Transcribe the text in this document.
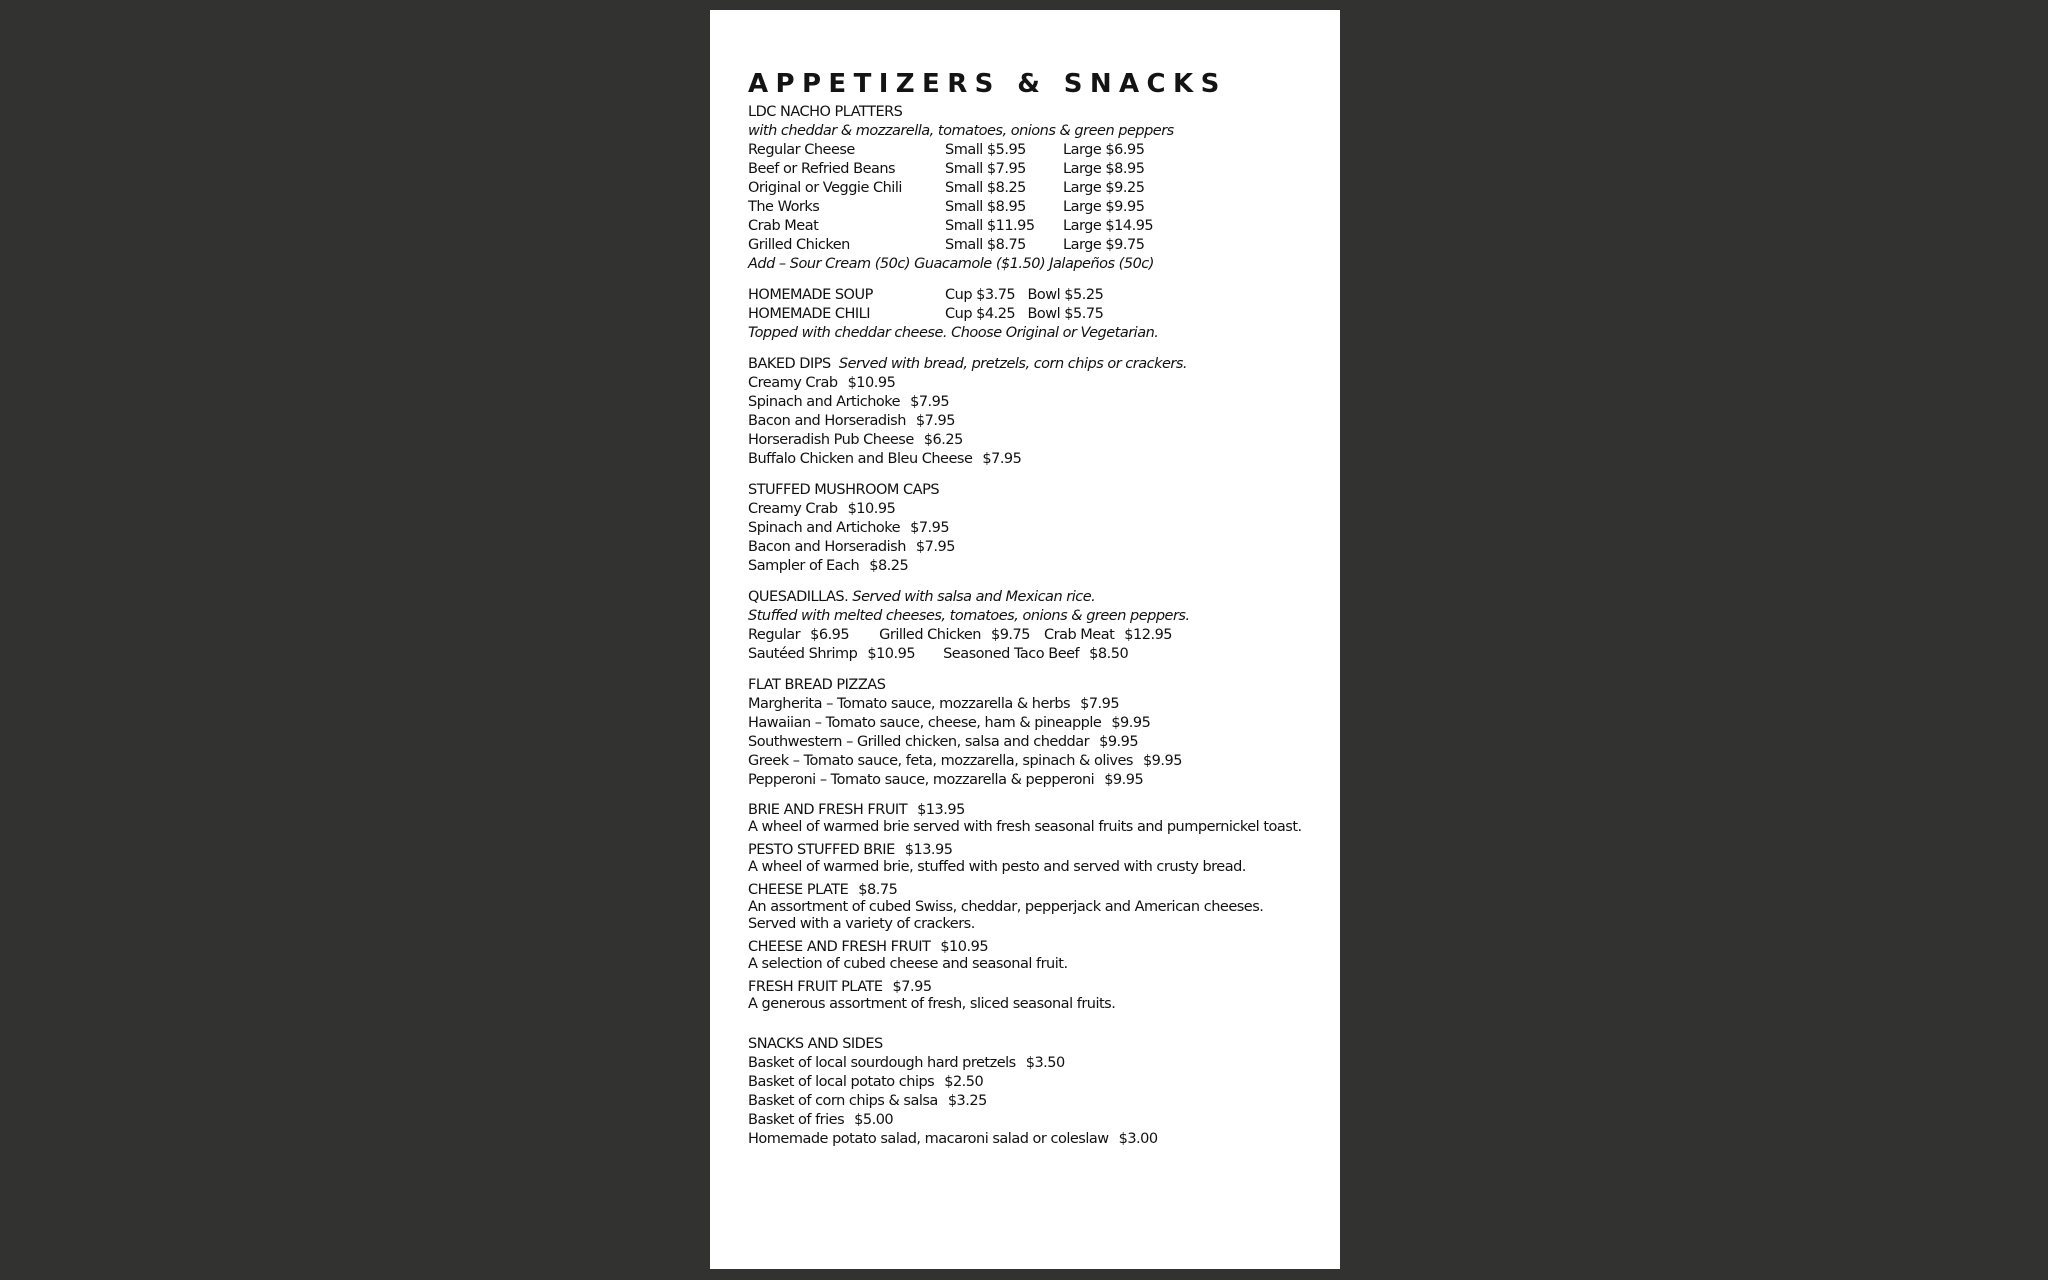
APPETIZERS & SNACKS
LDC NACHO PLATTERS
with cheddar & mozzarella, tomatoes, onions & green peppers
Regular Cheese	Small $5.95	Large $6.95
Beef or Refried Beans	Small $7.95	Large $8.95
Original or Veggie Chili	Small $8.25	Large $9.25
The Works	Small $8.95	Large $9.95
Crab Meat	Small $11.95	Large $14.95
Grilled Chicken	Small $8.75	Large $9.75
Add – Sour Cream (50c) Guacamole ($1.50) Jalapeños (50c)
HOMEMADE SOUP	Cup $3.75   Bowl $5.25
HOMEMADE CHILI	Cup $4.25   Bowl $5.75
Topped with cheddar cheese. Choose Original or Vegetarian.
BAKED DIPS Served with bread, pretzels, corn chips or crackers.
Creamy Crab $10.95
Spinach and Artichoke $7.95
Bacon and Horseradish $7.95
Horseradish Pub Cheese $6.25
Buffalo Chicken and Bleu Cheese $7.95
STUFFED MUSHROOM CAPS
Creamy Crab $10.95
Spinach and Artichoke $7.95
Bacon and Horseradish $7.95
Sampler of Each $8.25
QUESADILLAS. Served with salsa and Mexican rice.
Stuffed with melted cheeses, tomatoes, onions & green peppers.
Regular $6.95 Grilled Chicken $9.75 Crab Meat $12.95
Sautéed Shrimp $10.95 Seasoned Taco Beef $8.50
FLAT BREAD PIZZAS
Margherita – Tomato sauce, mozzarella & herbs $7.95
Hawaiian – Tomato sauce, cheese, ham & pineapple $9.95
Southwestern – Grilled chicken, salsa and cheddar $9.95
Greek – Tomato sauce, feta, mozzarella, spinach & olives $9.95
Pepperoni – Tomato sauce, mozzarella & pepperoni $9.95
BRIE AND FRESH FRUIT $13.95
A wheel of warmed brie served with fresh seasonal fruits and pumpernickel toast.
PESTO STUFFED BRIE $13.95
A wheel of warmed brie, stuffed with pesto and served with crusty bread.
CHEESE PLATE $8.75
An assortment of cubed Swiss, cheddar, pepperjack and American cheeses.
Served with a variety of crackers.
CHEESE AND FRESH FRUIT $10.95
A selection of cubed cheese and seasonal fruit.
FRESH FRUIT PLATE $7.95
A generous assortment of fresh, sliced seasonal fruits.
SNACKS AND SIDES
Basket of local sourdough hard pretzels $3.50
Basket of local potato chips $2.50
Basket of corn chips & salsa $3.25
Basket of fries $5.00
Homemade potato salad, macaroni salad or coleslaw $3.00
